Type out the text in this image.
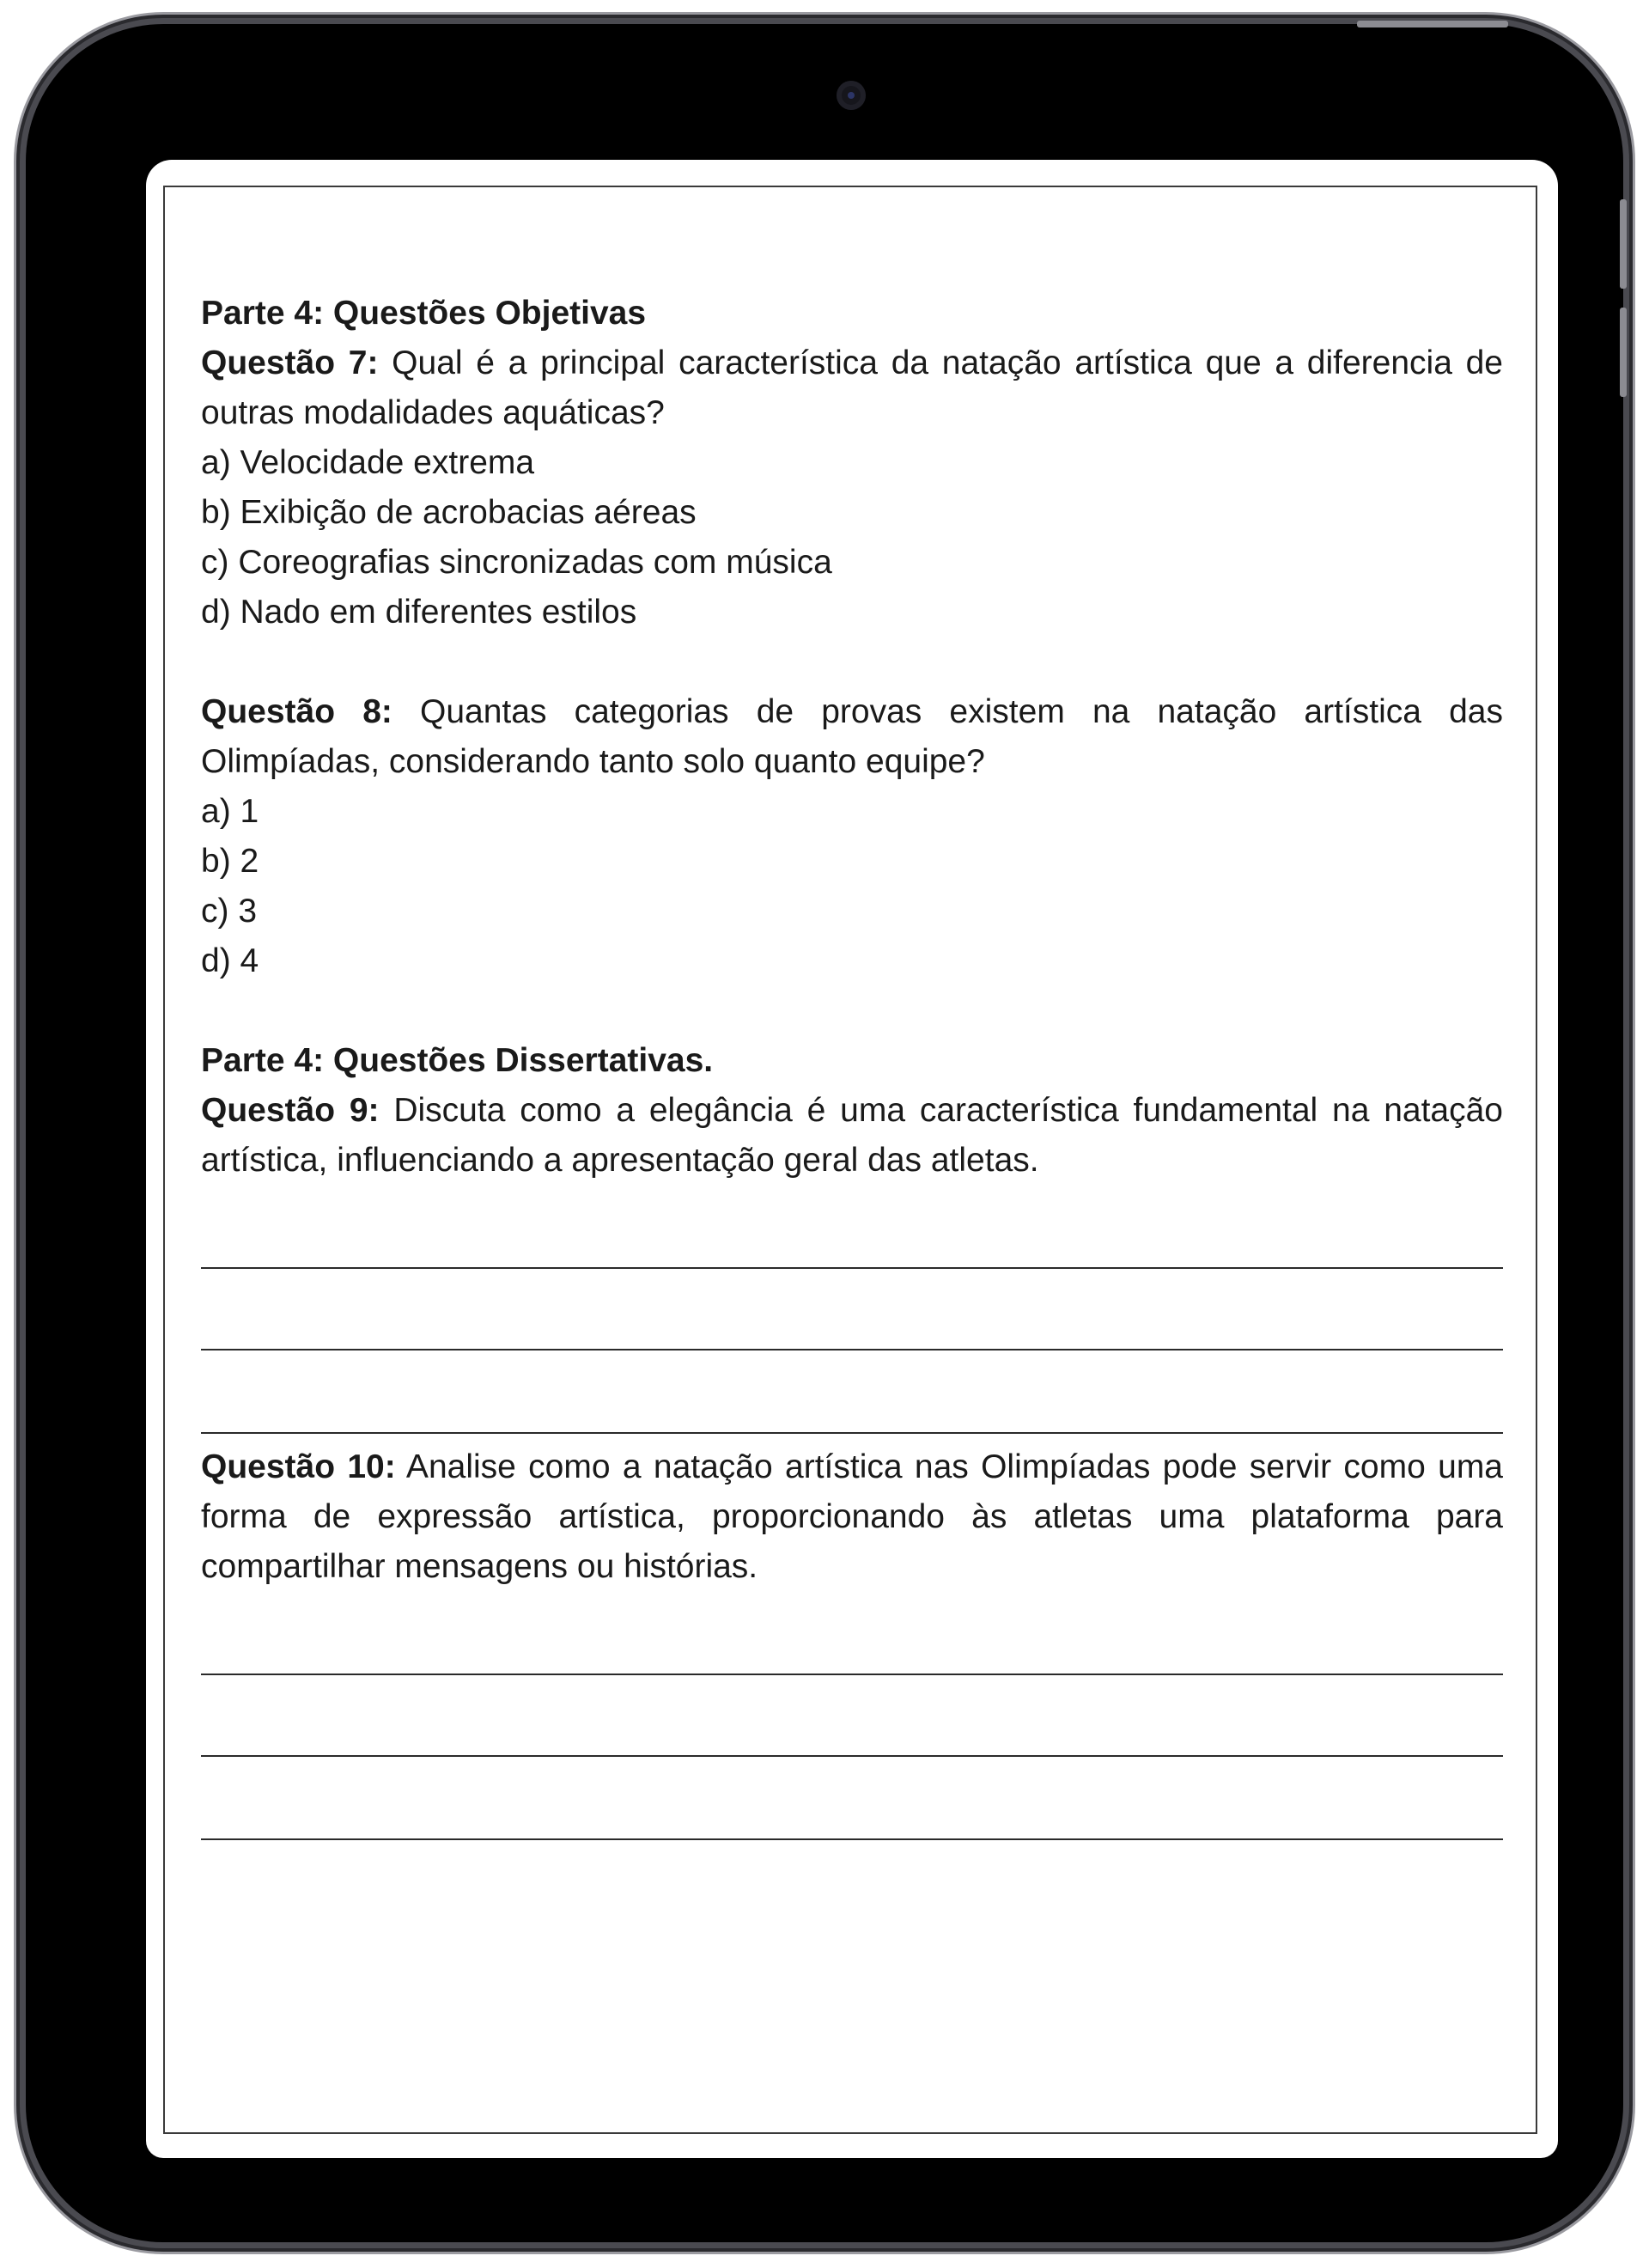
Parte 4: Questões Objetivas

Questão 7: Qual é a principal característica da natação artística que a diferencia de outras modalidades aquáticas?

a) Velocidade extrema

b) Exibição de acrobacias aéreas

c) Coreografias sincronizadas com música

d) Nado em diferentes estilos

Questão 8: Quantas categorias de provas existem na natação artística das Olimpíadas, considerando tanto solo quanto equipe?

a) 1

b) 2

c) 3

d) 4

Parte 4: Questões Dissertativas.

Questão 9: Discuta como a elegância é uma característica fundamental na natação artística, influenciando a apresentação geral das atletas.

Questão 10: Analise como a natação artística nas Olimpíadas pode servir como uma forma de expressão artística, proporcionando às atletas uma plataforma para compartilhar mensagens ou histórias.
